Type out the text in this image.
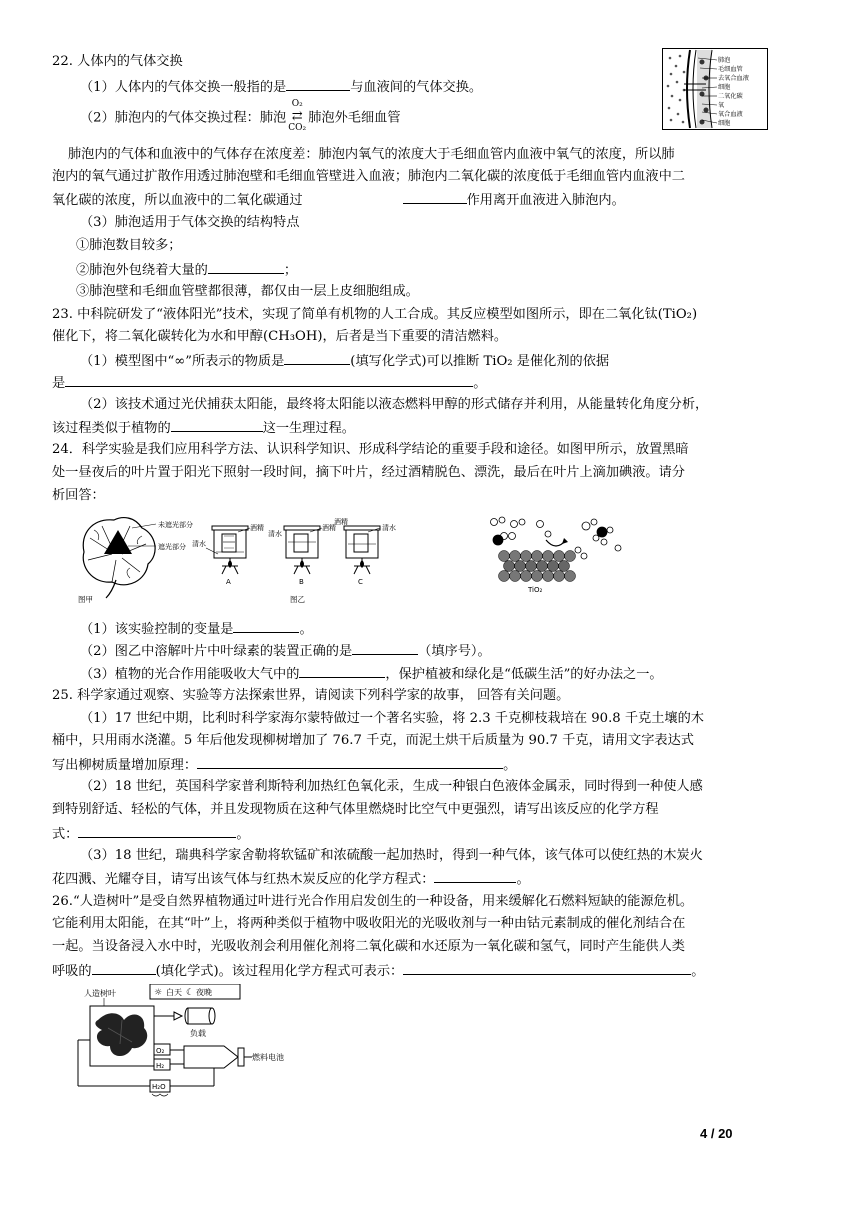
22. 人体内的气体交换
（1）人体内的气体交换一般指的是	与血液间的气体交换。
（2）肺泡内的气体交换过程：肺泡
O₂
⇄
CO₂
肺泡外毛细血管
肺泡内的气体和血液中的气体存在浓度差：肺泡内氧气的浓度大于毛细血管内血液中氧气的浓度，所以肺
泡内的氧气通过扩散作用透过肺泡壁和毛细血管壁进入血液；肺泡内二氧化碳的浓度低于毛细血管内血液中二
氧化碳的浓度，所以血液中的二氧化碳通过	作用离开血液进入肺泡内。
（3）肺泡适用于气体交换的结构特点
①肺泡数目较多；
②肺泡外包绕着大量的	；
③肺泡壁和毛细血管壁都很薄，都仅由一层上皮细胞组成。
肺泡
毛细血管
去氧合血液
细胞
二氧化碳
氧
氧合血液
细胞
23. 中科院研发了“液体阳光”技术，实现了简单有机物的人工合成。其反应模型如图所示，即在二氧化钛(TiO₂)
催化下，将二氧化碳转化为水和甲醇(CH₃OH)，后者是当下重要的清洁燃料。
（1）模型图中“∞”所表示的物质是	(填写化学式)可以推断 TiO₂ 是催化剂的依据
是	。
（2）该技术通过光伏捕获太阳能，最终将太阳能以液态燃料甲醇的形式储存并利用，从能量转化角度分析，
该过程类似于植物的	这一生理过程。
24．科学实验是我们应用科学方法、认识科学知识、形成科学结论的重要手段和途径。如图甲所示，放置黑暗
处一昼夜后的叶片置于阳光下照射一段时间，摘下叶片，经过酒精脱色、漂洗，最后在叶片上滴加碘液。请分
析回答：
未遮光部分
遮光部分
图甲
酒精
清水
A
清水
酒精
B
酒精
清水
C
图乙
TiO₂
（1）该实验控制的变量是	。
（2）图乙中溶解叶片中叶绿素的装置正确的是	（填序号）。
（3）植物的光合作用能吸收大气中的	，保护植被和绿化是“低碳生活”的好办法之一。
25. 科学家通过观察、实验等方法探索世界，请阅读下列科学家的故事， 回答有关问题。
（1）17 世纪中期，比利时科学家海尔蒙特做过一个著名实验，将 2.3 千克柳枝栽培在 90.8 千克土壤的木
桶中，只用雨水浇灌。5 年后他发现柳树增加了 76.7 千克，而泥土烘干后质量为 90.7 千克，请用文字表达式
写出柳树质量增加原理：	。
（2）18 世纪，英国科学家普利斯特利加热红色氧化汞，生成一种银白色液体金属汞，同时得到一种使人感
到特别舒适、轻松的气体，并且发现物质在这种气体里燃烧时比空气中更强烈，请写出该反应的化学方程
式：	。
（3）18 世纪，瑞典科学家舍勒将软锰矿和浓硫酸一起加热时，得到一种气体，该气体可以使红热的木炭火
花四溅、光耀夺目，请写出该气体与红热木炭反应的化学方程式：	。
26.“人造树叶”是受自然界植物通过叶进行光合作用启发创生的一种设备，用来缓解化石燃料短缺的能源危机。
它能利用太阳能，在其“叶”上，将两种类似于植物中吸收阳光的光吸收剂与一种由钴元素制成的催化剂结合在
一起。当设备浸入水中时，光吸收剂会利用催化剂将二氧化碳和水还原为一氧化碳和氢气，同时产生能供人类
呼吸的	(填化学式)。该过程用化学方程式可表示：	。
人造树叶	☼ 白天 ☾ 夜晚
负载
O₂
H₂
燃料电池
H₂O
4 / 20
